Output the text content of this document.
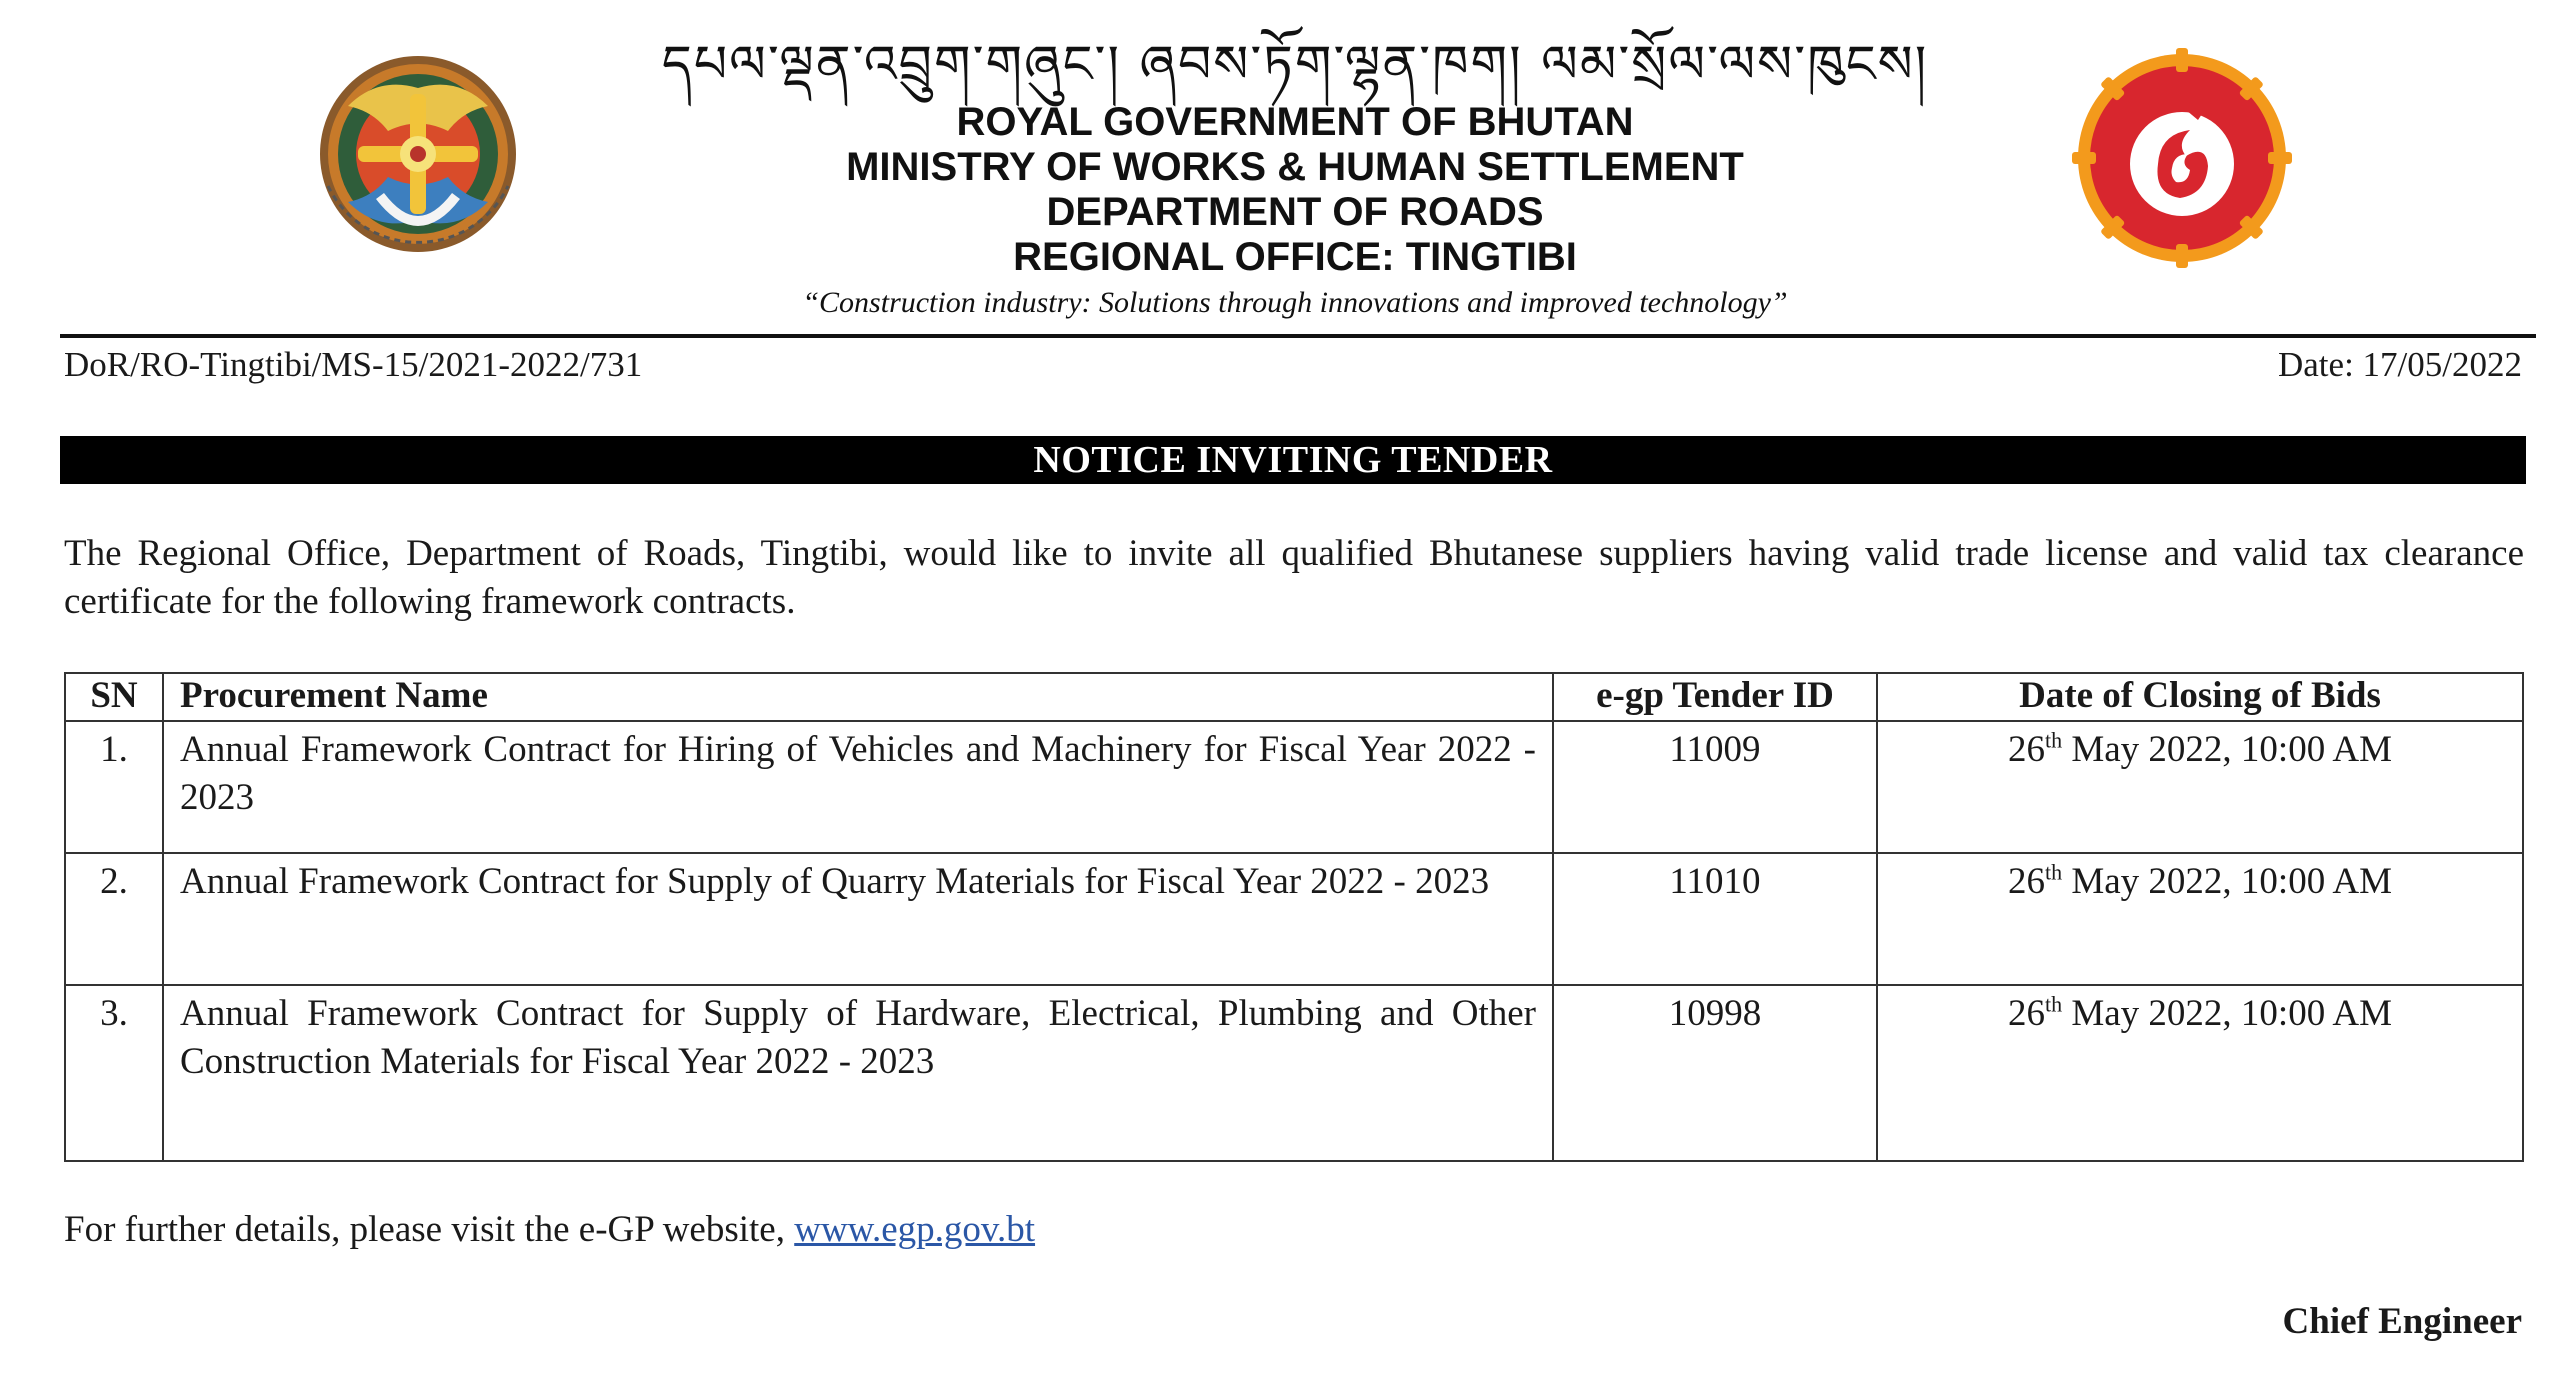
དཔལ་ལྡན་འབྲུག་གཞུང་། ཞབས་ཏོག་ལྷན་ཁག། ལམ་སྲོལ་ལས་ཁུངས།
ROYAL GOVERNMENT OF BHUTAN
MINISTRY OF WORKS & HUMAN SETTLEMENT
DEPARTMENT OF ROADS
REGIONAL OFFICE: TINGTIBI
“Construction industry: Solutions through innovations and improved technology”
DoR/RO-Tingtibi/MS-15/2021-2022/731	Date: 17/05/2022
NOTICE INVITING TENDER
The Regional Office, Department of Roads, Tingtibi, would like to invite all qualified Bhutanese suppliers having valid trade license and valid tax clearance certificate for the following framework contracts.
SN	Procurement Name	e-gp Tender ID	Date of Closing of Bids
1.	Annual Framework Contract for Hiring of Vehicles and Machinery for Fiscal Year 2022 - 2023	11009	26th May 2022, 10:00 AM
2.	Annual Framework Contract for Supply of Quarry Materials for Fiscal Year 2022 - 2023	11010	26th May 2022, 10:00 AM
3.	Annual Framework Contract for Supply of Hardware, Electrical, Plumbing and Other Construction Materials for Fiscal Year 2022 - 2023	10998	26th May 2022, 10:00 AM
For further details, please visit the e-GP website, www.egp.gov.bt
Chief Engineer
